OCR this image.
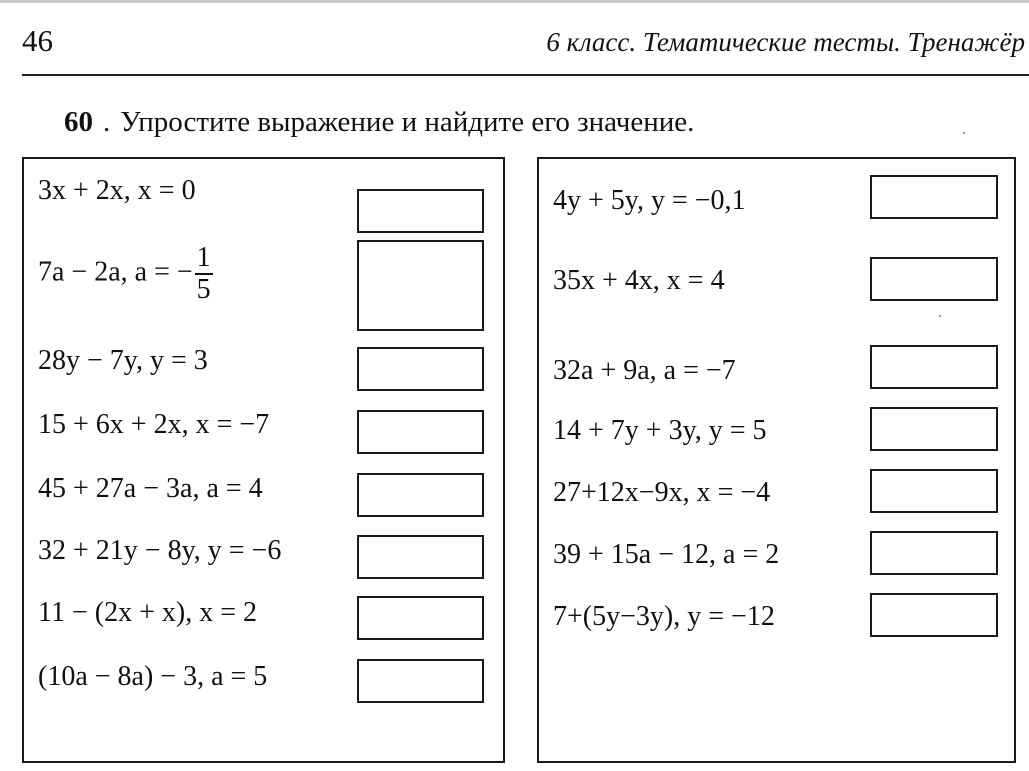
46	6 класс. Тематические тесты. Тренажёр
60 . Упростите выражение и найдите его значение.
3x + 2x, x = 0
7a − 2a, a = − $\frac{1}{5}$
28y − 7y, y = 3
15 + 6x + 2x, x = −7
45 + 27a − 3a, a = 4
32 + 21y − 8y, y = −6
11 − (2x + x), x = 2
(10a − 8a) − 3, a = 5
4y + 5y, y = −0,1
35x + 4x, x = 4
32a + 9a, a = −7
14 + 7y + 3y, y = 5
27+12x−9x, x = −4
39 + 15a − 12, a = 2
7+(5y−3y), y = −12
